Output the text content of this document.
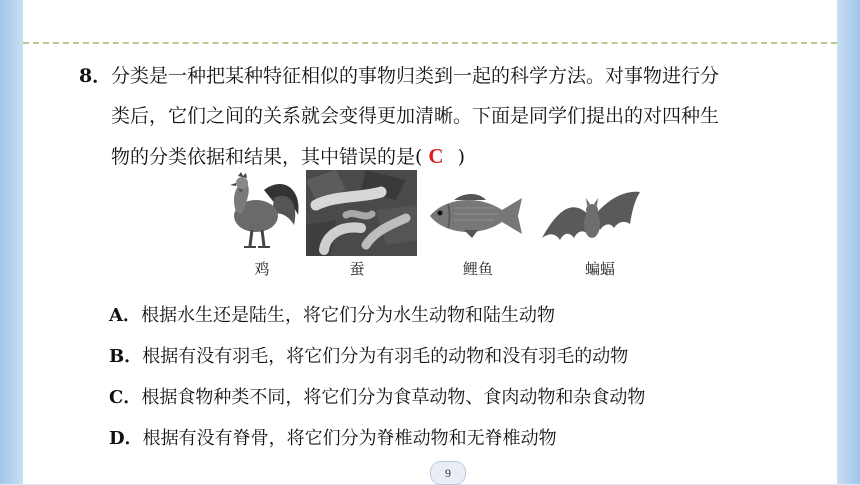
8．分类是一种把某种特征相似的事物归类到一起的科学方法。对事物进行分
类后，它们之间的关系就会变得更加清晰。下面是同学们提出的对四种生
物的分类依据和结果，其中错误的是( C )
鸡	蚕	鲤鱼	蝙蝠
A．根据水生还是陆生，将它们分为水生动物和陆生动物
B．根据有没有羽毛，将它们分为有羽毛的动物和没有羽毛的动物
C．根据食物种类不同，将它们分为食草动物、食肉动物和杂食动物
D．根据有没有脊骨，将它们分为脊椎动物和无脊椎动物
9
